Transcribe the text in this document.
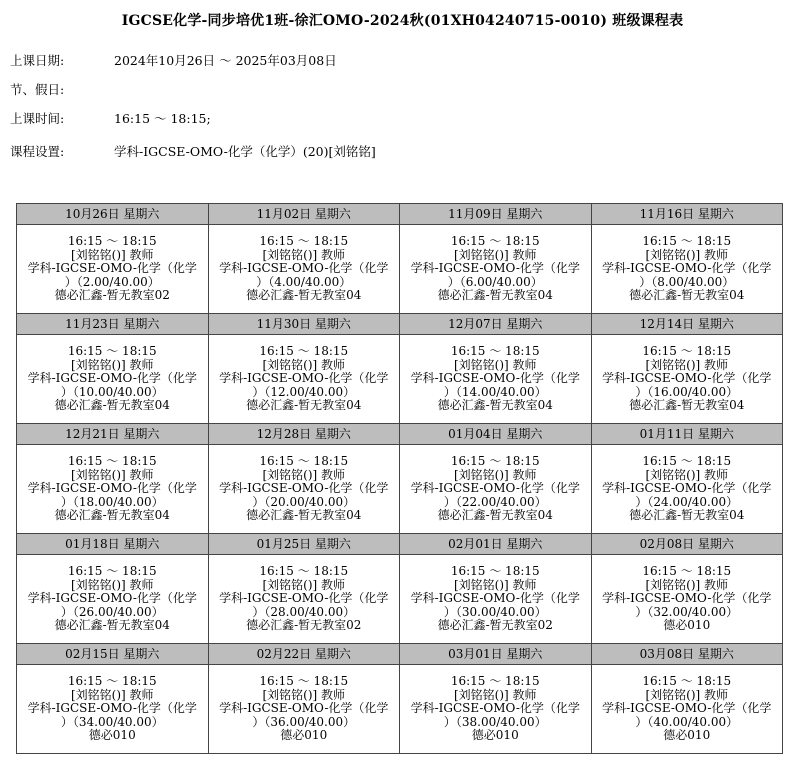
IGCSE化学-同步培优1班-徐汇OMO-2024秋(01XH04240715-0010) 班级课程表
上课日期:	2024年10月26日 ～ 2025年03月08日
节、假日:
上课时间:	16:15 ～ 18:15;
课程设置:	学科-IGCSE-OMO-化学（化学）(20)[刘铭铭]
10月26日 星期六	11月02日 星期六	11月09日 星期六	11月16日 星期六

16:15 ～ 18:15
[刘铭铭()] 教师
学科-IGCSE-OMO-化学（化学
）（2.00/40.00）
德必汇鑫-暂无教室02	16:15 ～ 18:15
[刘铭铭()] 教师
学科-IGCSE-OMO-化学（化学
）（4.00/40.00）
德必汇鑫-暂无教室04	16:15 ～ 18:15
[刘铭铭()] 教师
学科-IGCSE-OMO-化学（化学
）（6.00/40.00）
德必汇鑫-暂无教室04	16:15 ～ 18:15
[刘铭铭()] 教师
学科-IGCSE-OMO-化学（化学
）（8.00/40.00）
德必汇鑫-暂无教室04

11月23日 星期六	11月30日 星期六	12月07日 星期六	12月14日 星期六

16:15 ～ 18:15
[刘铭铭()] 教师
学科-IGCSE-OMO-化学（化学
）（10.00/40.00）
德必汇鑫-暂无教室04	16:15 ～ 18:15
[刘铭铭()] 教师
学科-IGCSE-OMO-化学（化学
）（12.00/40.00）
德必汇鑫-暂无教室04	16:15 ～ 18:15
[刘铭铭()] 教师
学科-IGCSE-OMO-化学（化学
）（14.00/40.00）
德必汇鑫-暂无教室04	16:15 ～ 18:15
[刘铭铭()] 教师
学科-IGCSE-OMO-化学（化学
）（16.00/40.00）
德必汇鑫-暂无教室04

12月21日 星期六	12月28日 星期六	01月04日 星期六	01月11日 星期六

16:15 ～ 18:15
[刘铭铭()] 教师
学科-IGCSE-OMO-化学（化学
）（18.00/40.00）
德必汇鑫-暂无教室04	16:15 ～ 18:15
[刘铭铭()] 教师
学科-IGCSE-OMO-化学（化学
）（20.00/40.00）
德必汇鑫-暂无教室04	16:15 ～ 18:15
[刘铭铭()] 教师
学科-IGCSE-OMO-化学（化学
）（22.00/40.00）
德必汇鑫-暂无教室04	16:15 ～ 18:15
[刘铭铭()] 教师
学科-IGCSE-OMO-化学（化学
）（24.00/40.00）
德必汇鑫-暂无教室04

01月18日 星期六	01月25日 星期六	02月01日 星期六	02月08日 星期六

16:15 ～ 18:15
[刘铭铭()] 教师
学科-IGCSE-OMO-化学（化学
）（26.00/40.00）
德必汇鑫-暂无教室04	16:15 ～ 18:15
[刘铭铭()] 教师
学科-IGCSE-OMO-化学（化学
）（28.00/40.00）
德必汇鑫-暂无教室02	16:15 ～ 18:15
[刘铭铭()] 教师
学科-IGCSE-OMO-化学（化学
）（30.00/40.00）
德必汇鑫-暂无教室02	16:15 ～ 18:15
[刘铭铭()] 教师
学科-IGCSE-OMO-化学（化学
）（32.00/40.00）
德必010

02月15日 星期六	02月22日 星期六	03月01日 星期六	03月08日 星期六

16:15 ～ 18:15
[刘铭铭()] 教师
学科-IGCSE-OMO-化学（化学
）（34.00/40.00）
德必010	16:15 ～ 18:15
[刘铭铭()] 教师
学科-IGCSE-OMO-化学（化学
）（36.00/40.00）
德必010	16:15 ～ 18:15
[刘铭铭()] 教师
学科-IGCSE-OMO-化学（化学
）（38.00/40.00）
德必010	16:15 ～ 18:15
[刘铭铭()] 教师
学科-IGCSE-OMO-化学（化学
）（40.00/40.00）
德必010
